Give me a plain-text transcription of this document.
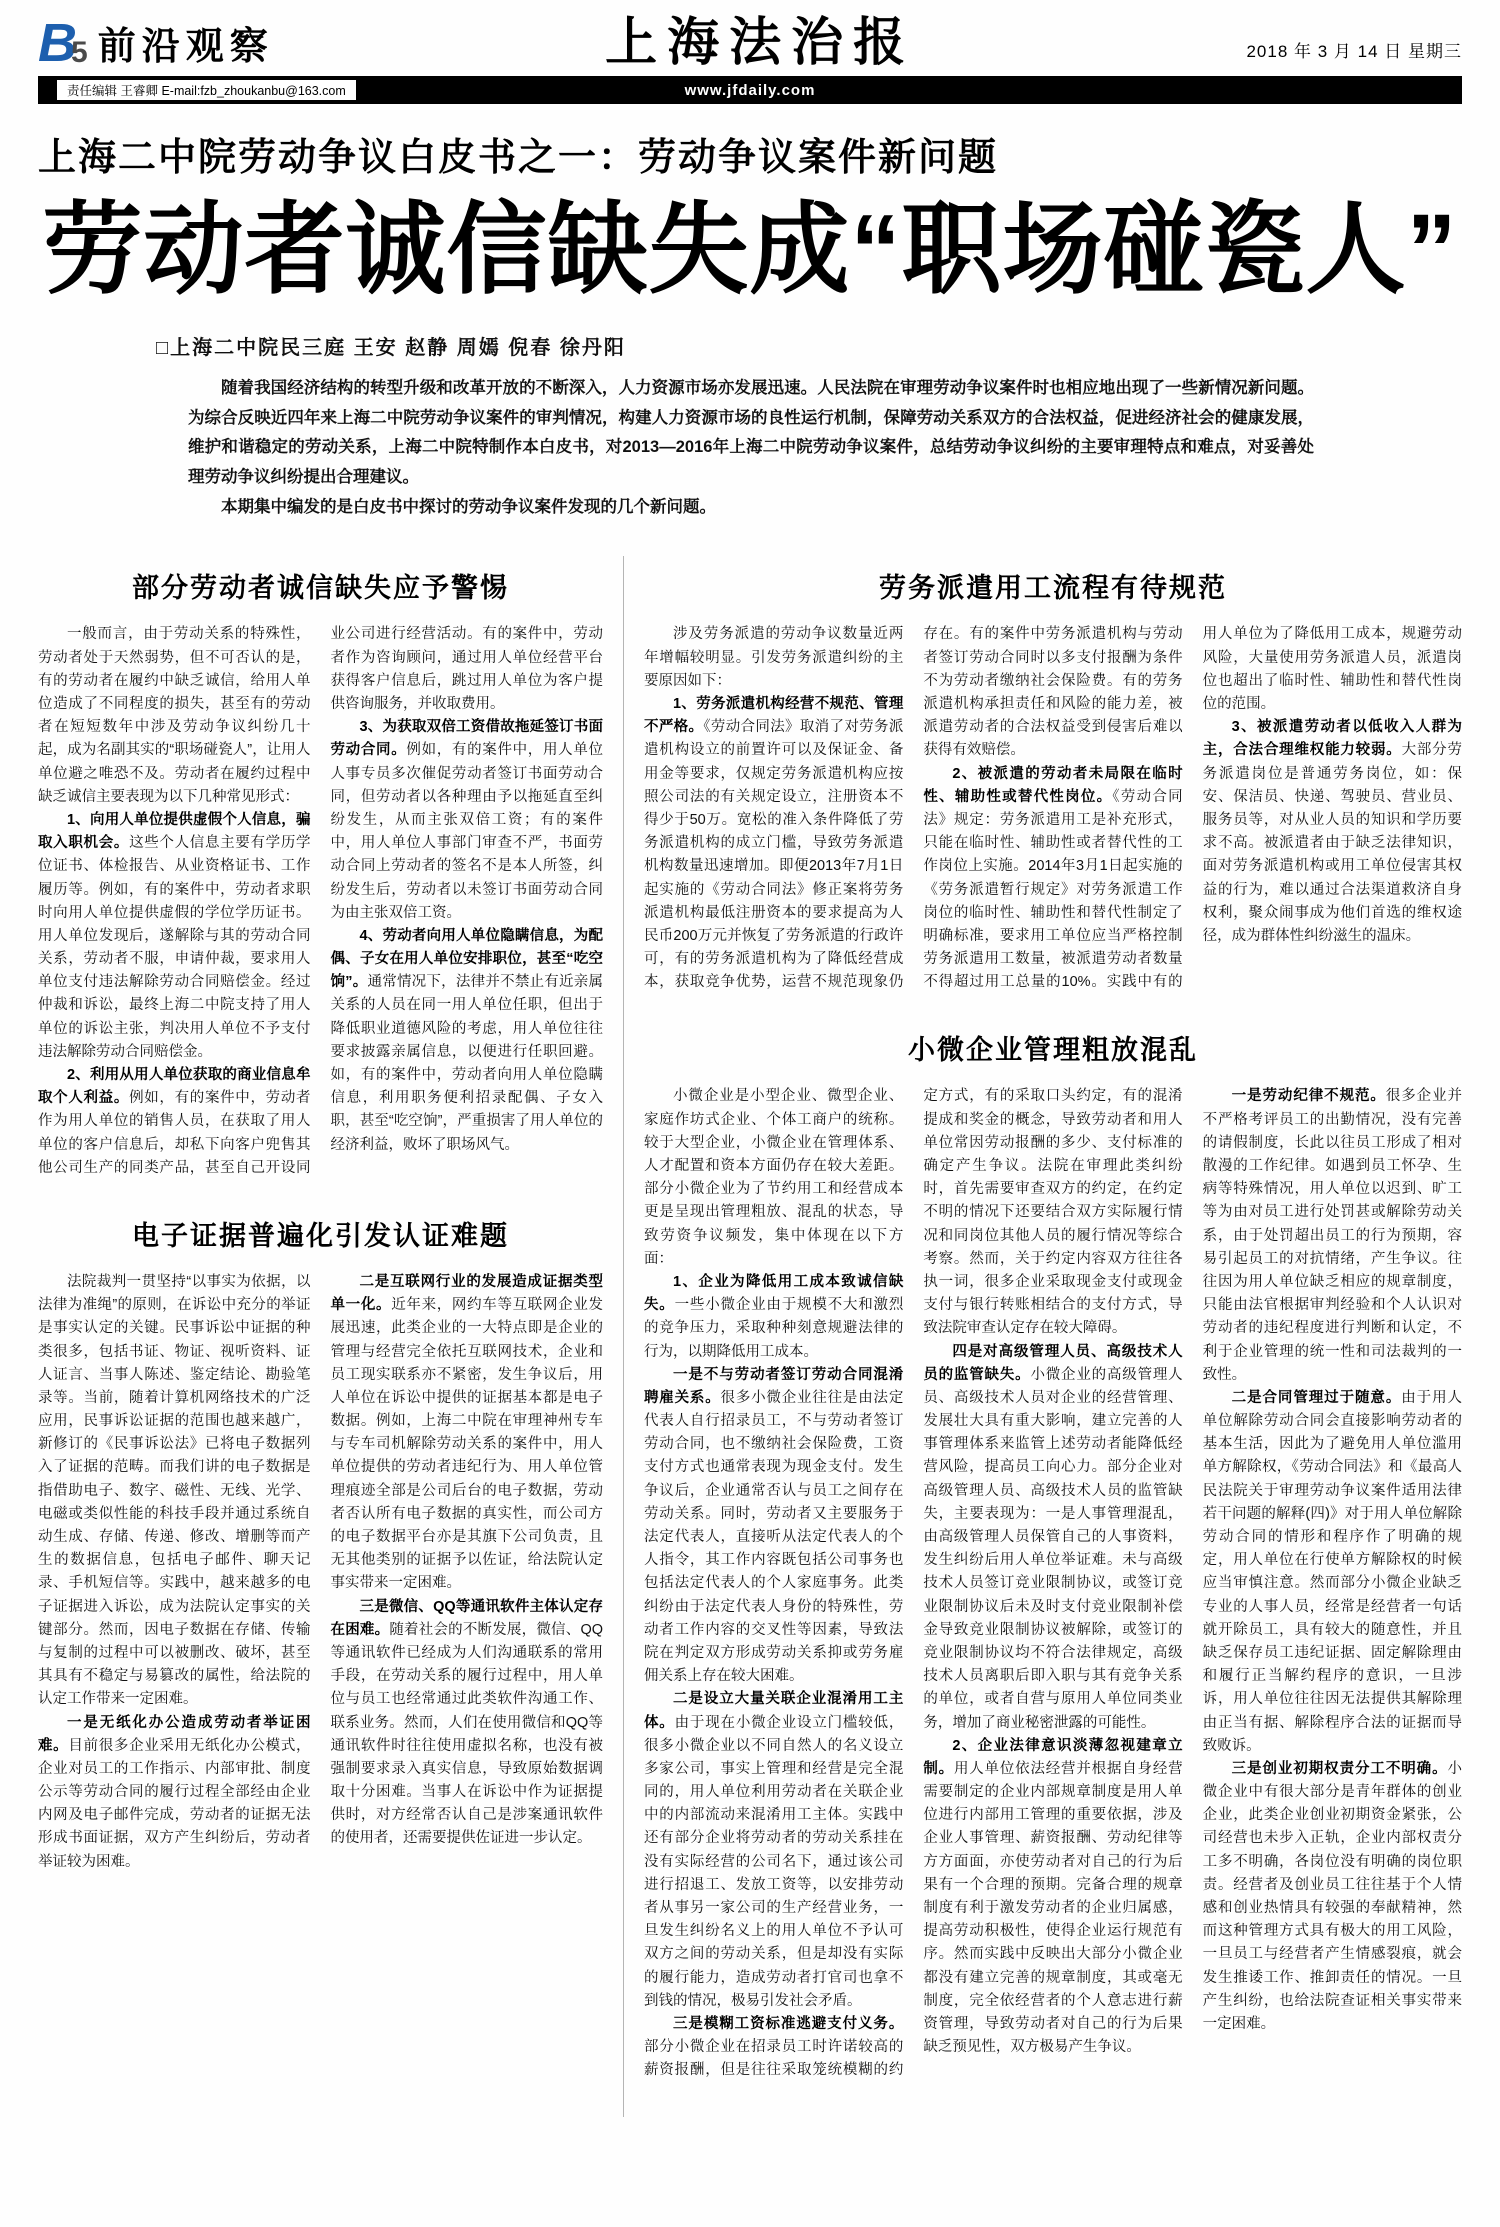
B
5 前沿观察	上海法治报	2018 年 3 月 14 日 星期三
责任编辑 王睿卿 E-mail:fzb_zhoukanbu@163.com	www.jfdaily.com
上海二中院劳动争议白皮书之一：劳动争议案件新问题
劳动者诚信缺失成“职场碰瓷人”
□上海二中院民三庭 王安 赵静 周嫣 倪春 徐丹阳

随着我国经济结构的转型升级和改革开放的不断深入，人力资源市场亦发展迅速。人民法院在审理劳动争议案件时也相应地出现了一些新情况新问题。为综合反映近四年来上海二中院劳动争议案件的审判情况，构建人力资源市场的良性运行机制，保障劳动关系双方的合法权益，促进经济社会的健康发展，维护和谐稳定的劳动关系，上海二中院特制作本白皮书，对2013—2016年上海二中院劳动争议案件，总结劳动争议纠纷的主要审理特点和难点，对妥善处理劳动争议纠纷提出合理建议。

本期集中编发的是白皮书中探讨的劳动争议案件发现的几个新问题。

部分劳动者诚信缺失应予警惕

一般而言，由于劳动关系的特殊性，劳动者处于天然弱势，但不可否认的是，有的劳动者在履约中缺乏诚信，给用人单位造成了不同程度的损失，甚至有的劳动者在短短数年中涉及劳动争议纠纷几十起，成为名副其实的“职场碰瓷人”，让用人单位避之唯恐不及。劳动者在履约过程中缺乏诚信主要表现为以下几种常见形式：

1、向用人单位提供虚假个人信息，骗取入职机会。这些个人信息主要有学历学位证书、体检报告、从业资格证书、工作履历等。例如，有的案件中，劳动者求职时向用人单位提供虚假的学位学历证书。用人单位发现后，遂解除与其的劳动合同关系，劳动者不服，申请仲裁，要求用人单位支付违法解除劳动合同赔偿金。经过仲裁和诉讼，最终上海二中院支持了用人单位的诉讼主张，判决用人单位不予支付违法解除劳动合同赔偿金。

2、利用从用人单位获取的商业信息牟取个人利益。例如，有的案件中，劳动者作为用人单位的销售人员，在获取了用人单位的客户信息后，却私下向客户兜售其他公司生产的同类产品，甚至自己开设同业公司进行经营活动。有的案件中，劳动者作为咨询顾问，通过用人单位经营平台获得客户信息后，跳过用人单位为客户提供咨询服务，并收取费用。

3、为获取双倍工资借故拖延签订书面劳动合同。例如，有的案件中，用人单位人事专员多次催促劳动者签订书面劳动合同，但劳动者以各种理由予以拖延直至纠纷发生，从而主张双倍工资；有的案件中，用人单位人事部门审查不严，书面劳动合同上劳动者的签名不是本人所签，纠纷发生后，劳动者以未签订书面劳动合同为由主张双倍工资。

4、劳动者向用人单位隐瞒信息，为配偶、子女在用人单位安排职位，甚至“吃空饷”。通常情况下，法律并不禁止有近亲属关系的人员在同一用人单位任职，但出于降低职业道德风险的考虑，用人单位往往要求披露亲属信息，以便进行任职回避。如，有的案件中，劳动者向用人单位隐瞒信息，利用职务便利招录配偶、子女入职，甚至“吃空饷”，严重损害了用人单位的经济利益，败坏了职场风气。

电子证据普遍化引发认证难题

法院裁判一贯坚持“以事实为依据，以法律为准绳”的原则，在诉讼中充分的举证是事实认定的关键。民事诉讼中证据的种类很多，包括书证、物证、视听资料、证人证言、当事人陈述、鉴定结论、勘验笔录等。当前，随着计算机网络技术的广泛应用，民事诉讼证据的范围也越来越广，新修订的《民事诉讼法》已将电子数据列入了证据的范畴。而我们讲的电子数据是指借助电子、数字、磁性、无线、光学、电磁或类似性能的科技手段并通过系统自动生成、存储、传递、修改、增删等而产生的数据信息，包括电子邮件、聊天记录、手机短信等。实践中，越来越多的电子证据进入诉讼，成为法院认定事实的关键部分。然而，因电子数据在存储、传输与复制的过程中可以被删改、破坏，甚至其具有不稳定与易篡改的属性，给法院的认定工作带来一定困难。

一是无纸化办公造成劳动者举证困难。目前很多企业采用无纸化办公模式，企业对员工的工作指示、内部审批、制度公示等劳动合同的履行过程全部经由企业内网及电子邮件完成，劳动者的证据无法形成书面证据，双方产生纠纷后，劳动者举证较为困难。

二是互联网行业的发展造成证据类型单一化。近年来，网约车等互联网企业发展迅速，此类企业的一大特点即是企业的管理与经营完全依托互联网技术，企业和员工现实联系亦不紧密，发生争议后，用人单位在诉讼中提供的证据基本都是电子数据。例如，上海二中院在审理神州专车与专车司机解除劳动关系的案件中，用人单位提供的劳动者违纪行为、用人单位管理痕迹全部是公司后台的电子数据，劳动者否认所有电子数据的真实性，而公司方的电子数据平台亦是其旗下公司负责，且无其他类别的证据予以佐证，给法院认定事实带来一定困难。

三是微信、QQ等通讯软件主体认定存在困难。随着社会的不断发展，微信、QQ等通讯软件已经成为人们沟通联系的常用手段，在劳动关系的履行过程中，用人单位与员工也经常通过此类软件沟通工作、联系业务。然而，人们在使用微信和QQ等通讯软件时往往使用虚拟名称，也没有被强制要求录入真实信息，导致原始数据调取十分困难。当事人在诉讼中作为证据提供时，对方经常否认自己是涉案通讯软件的使用者，还需要提供佐证进一步认定。

劳务派遣用工流程有待规范

涉及劳务派遣的劳动争议数量近两年增幅较明显。引发劳务派遣纠纷的主要原因如下：

1、劳务派遣机构经营不规范、管理不严格。《劳动合同法》取消了对劳务派遣机构设立的前置许可以及保证金、备用金等要求，仅规定劳务派遣机构应按照公司法的有关规定设立，注册资本不得少于50万。宽松的准入条件降低了劳务派遣机构的成立门槛，导致劳务派遣机构数量迅速增加。即便2013年7月1日起实施的《劳动合同法》修正案将劳务派遣机构最低注册资本的要求提高为人民币200万元并恢复了劳务派遣的行政许可，有的劳务派遣机构为了降低经营成本，获取竞争优势，运营不规范现象仍存在。有的案件中劳务派遣机构与劳动者签订劳动合同时以多支付报酬为条件不为劳动者缴纳社会保险费。有的劳务派遣机构承担责任和风险的能力差，被派遣劳动者的合法权益受到侵害后难以获得有效赔偿。

2、被派遣的劳动者未局限在临时性、辅助性或替代性岗位。《劳动合同法》规定：劳务派遣用工是补充形式，只能在临时性、辅助性或者替代性的工作岗位上实施。2014年3月1日起实施的《劳务派遣暂行规定》对劳务派遣工作岗位的临时性、辅助性和替代性制定了明确标准，要求用工单位应当严格控制劳务派遣用工数量，被派遣劳动者数量不得超过用工总量的10%。实践中有的用人单位为了降低用工成本，规避劳动风险，大量使用劳务派遣人员，派遣岗位也超出了临时性、辅助性和替代性岗位的范围。

3、被派遣劳动者以低收入人群为主，合法合理维权能力较弱。大部分劳务派遣岗位是普通劳务岗位，如：保安、保洁员、快递、驾驶员、营业员、服务员等，对从业人员的知识和学历要求不高。被派遣者由于缺乏法律知识，面对劳务派遣机构或用工单位侵害其权益的行为，难以通过合法渠道救济自身权利，聚众闹事成为他们首选的维权途径，成为群体性纠纷滋生的温床。

小微企业管理粗放混乱

小微企业是小型企业、微型企业、家庭作坊式企业、个体工商户的统称。较于大型企业，小微企业在管理体系、人才配置和资本方面仍存在较大差距。部分小微企业为了节约用工和经营成本更是呈现出管理粗放、混乱的状态，导致劳资争议频发，集中体现在以下方面：

1、企业为降低用工成本致诚信缺失。一些小微企业由于规模不大和激烈的竞争压力，采取种种刻意规避法律的行为，以期降低用工成本。

一是不与劳动者签订劳动合同混淆聘雇关系。很多小微企业往往是由法定代表人自行招录员工，不与劳动者签订劳动合同，也不缴纳社会保险费，工资支付方式也通常表现为现金支付。发生争议后，企业通常否认与员工之间存在劳动关系。同时，劳动者又主要服务于法定代表人，直接听从法定代表人的个人指令，其工作内容既包括公司事务也包括法定代表人的个人家庭事务。此类纠纷由于法定代表人身份的特殊性，劳动者工作内容的交叉性等因素，导致法院在判定双方形成劳动关系抑或劳务雇佣关系上存在较大困难。

二是设立大量关联企业混淆用工主体。由于现在小微企业设立门槛较低，很多小微企业以不同自然人的名义设立多家公司，事实上管理和经营是完全混同的，用人单位利用劳动者在关联企业中的内部流动来混淆用工主体。实践中还有部分企业将劳动者的劳动关系挂在没有实际经营的公司名下，通过该公司进行招退工、发放工资等，以安排劳动者从事另一家公司的生产经营业务，一旦发生纠纷名义上的用人单位不予认可双方之间的劳动关系，但是却没有实际的履行能力，造成劳动者打官司也拿不到钱的情况，极易引发社会矛盾。

三是模糊工资标准逃避支付义务。部分小微企业在招录员工时许诺较高的薪资报酬，但是往往采取笼统模糊的约定方式，有的采取口头约定，有的混淆提成和奖金的概念，导致劳动者和用人单位常因劳动报酬的多少、支付标准的确定产生争议。法院在审理此类纠纷时，首先需要审查双方的约定，在约定不明的情况下还要结合双方实际履行情况和同岗位其他人员的履行情况等综合考察。然而，关于约定内容双方往往各执一词，很多企业采取现金支付或现金支付与银行转账相结合的支付方式，导致法院审查认定存在较大障碍。

四是对高级管理人员、高级技术人员的监管缺失。小微企业的高级管理人员、高级技术人员对企业的经营管理、发展壮大具有重大影响，建立完善的人事管理体系来监管上述劳动者能降低经营风险，提高员工向心力。部分企业对高级管理人员、高级技术人员的监管缺失，主要表现为：一是人事管理混乱，由高级管理人员保管自己的人事资料，发生纠纷后用人单位举证难。未与高级技术人员签订竞业限制协议，或签订竞业限制协议后未及时支付竞业限制补偿金导致竞业限制协议被解除，或签订的竞业限制协议均不符合法律规定，高级技术人员离职后即入职与其有竞争关系的单位，或者自营与原用人单位同类业务，增加了商业秘密泄露的可能性。

2、企业法律意识淡薄忽视建章立制。用人单位依法经营并根据自身经营需要制定的企业内部规章制度是用人单位进行内部用工管理的重要依据，涉及企业人事管理、薪资报酬、劳动纪律等方方面面，亦使劳动者对自己的行为后果有一个合理的预期。完备合理的规章制度有利于激发劳动者的企业归属感，提高劳动积极性，使得企业运行规范有序。然而实践中反映出大部分小微企业都没有建立完善的规章制度，其或毫无制度，完全依经营者的个人意志进行薪资管理，导致劳动者对自己的行为后果缺乏预见性，双方极易产生争议。

一是劳动纪律不规范。很多企业并不严格考评员工的出勤情况，没有完善的请假制度，长此以往员工形成了相对散漫的工作纪律。如遇到员工怀孕、生病等特殊情况，用人单位以迟到、旷工等为由对员工进行处罚甚或解除劳动关系，由于处罚超出员工的行为预期，容易引起员工的对抗情绪，产生争议。往往因为用人单位缺乏相应的规章制度，只能由法官根据审判经验和个人认识对劳动者的违纪程度进行判断和认定，不利于企业管理的统一性和司法裁判的一致性。

二是合同管理过于随意。由于用人单位解除劳动合同会直接影响劳动者的基本生活，因此为了避免用人单位滥用单方解除权，《劳动合同法》和《最高人民法院关于审理劳动争议案件适用法律若干问题的解释(四)》对于用人单位解除劳动合同的情形和程序作了明确的规定，用人单位在行使单方解除权的时候应当审慎注意。然而部分小微企业缺乏专业的人事人员，经常是经营者一句话就开除员工，具有较大的随意性，并且缺乏保存员工违纪证据、固定解除理由和履行正当解约程序的意识，一旦涉诉，用人单位往往因无法提供其解除理由正当有据、解除程序合法的证据而导致败诉。

三是创业初期权责分工不明确。小微企业中有很大部分是青年群体的创业企业，此类企业创业初期资金紧张，公司经营也未步入正轨，企业内部权责分工多不明确，各岗位没有明确的岗位职责。经营者及创业员工往往基于个人情感和创业热情具有较强的奉献精神，然而这种管理方式具有极大的用工风险，一旦员工与经营者产生情感裂痕，就会发生推诿工作、推卸责任的情况。一旦产生纠纷，也给法院查证相关事实带来一定困难。
